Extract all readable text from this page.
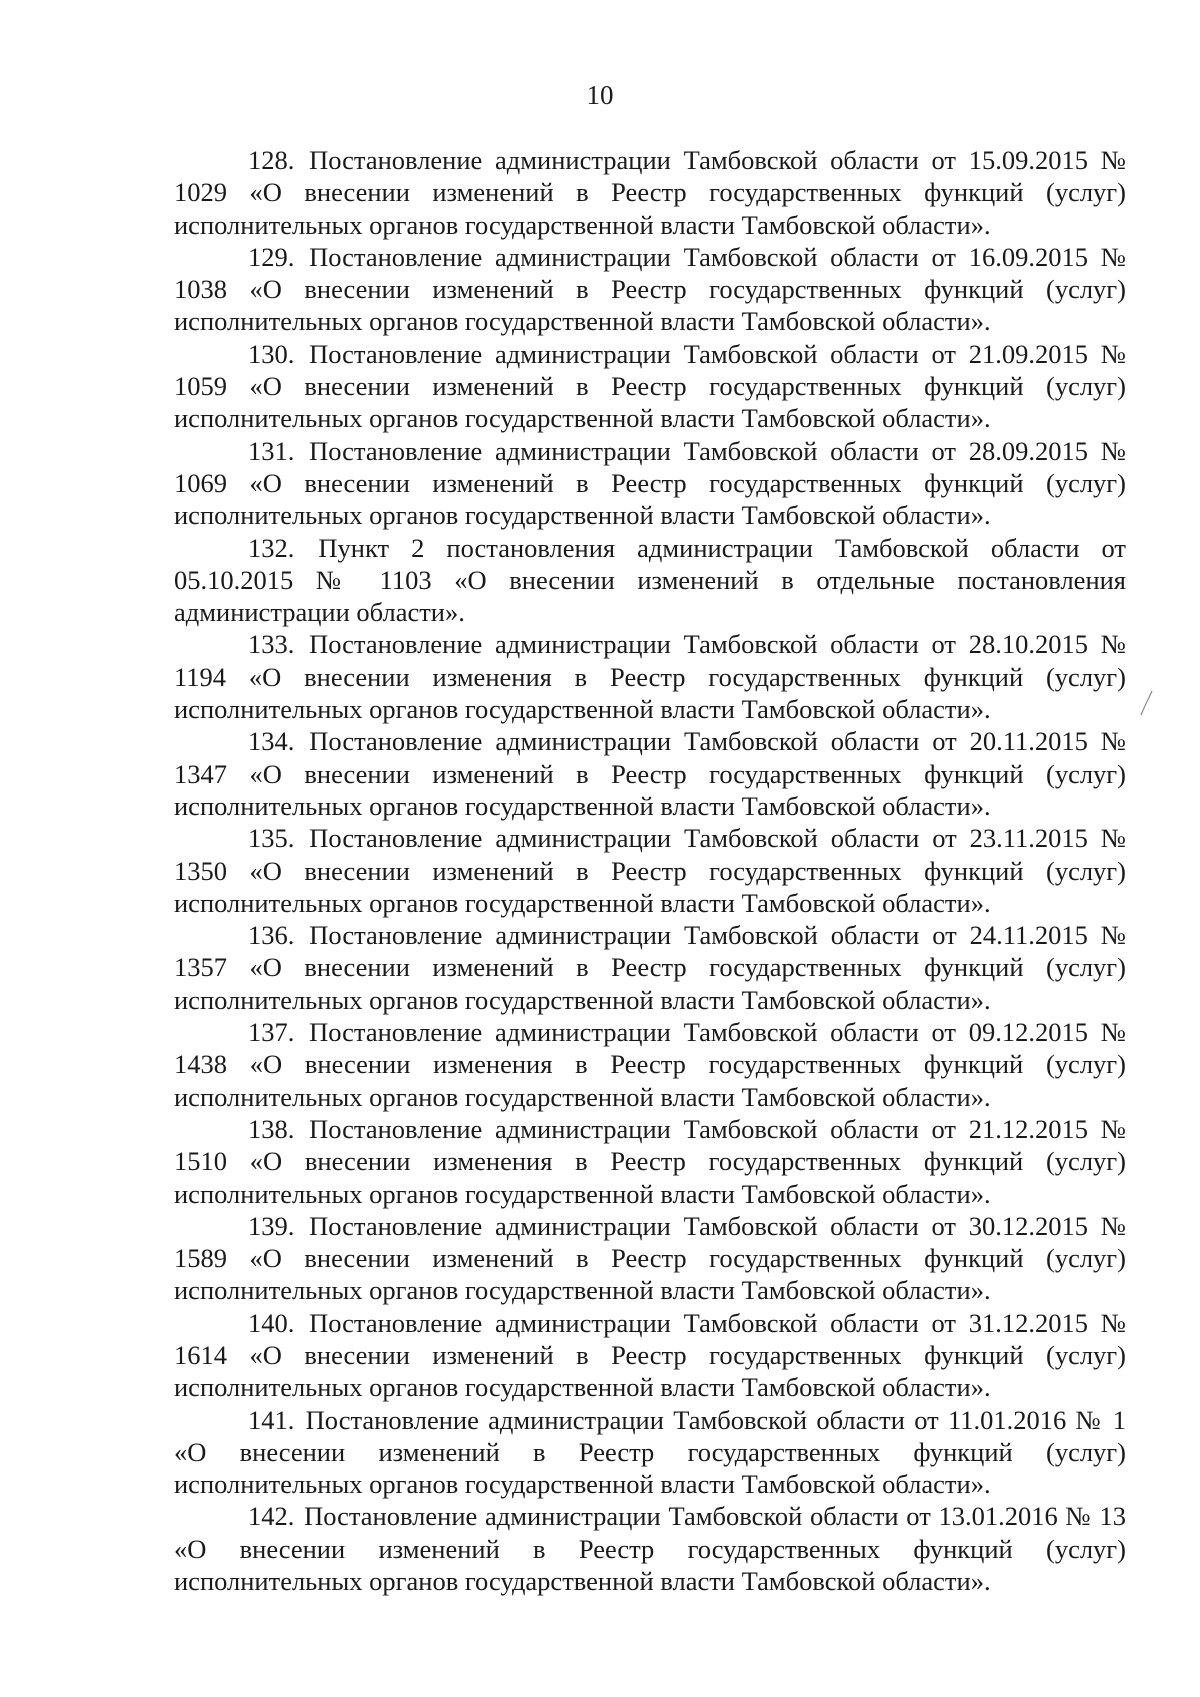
10

128. Постановление администрации Тамбовской области от 15.09.2015 № 1029 «О внесении изменений в Реестр государственных функций (услуг) исполнительных органов государственной власти Тамбовской области».

129. Постановление администрации Тамбовской области от 16.09.2015 № 1038 «О внесении изменений в Реестр государственных функций (услуг) исполнительных органов государственной власти Тамбовской области».

130. Постановление администрации Тамбовской области от 21.09.2015 № 1059 «О внесении изменений в Реестр государственных функций (услуг) исполнительных органов государственной власти Тамбовской области».

131. Постановление администрации Тамбовской области от 28.09.2015 № 1069 «О внесении изменений в Реестр государственных функций (услуг) исполнительных органов государственной власти Тамбовской области».

132. Пункт 2 постановления администрации Тамбовской области от 05.10.2015 № 1103 «О внесении изменений в отдельные постановления администрации области».

133. Постановление администрации Тамбовской области от 28.10.2015 № 1194 «О внесении изменения в Реестр государственных функций (услуг) исполнительных органов государственной власти Тамбовской области».

134. Постановление администрации Тамбовской области от 20.11.2015 № 1347 «О внесении изменений в Реестр государственных функций (услуг) исполнительных органов государственной власти Тамбовской области».

135. Постановление администрации Тамбовской области от 23.11.2015 № 1350 «О внесении изменений в Реестр государственных функций (услуг) исполнительных органов государственной власти Тамбовской области».

136. Постановление администрации Тамбовской области от 24.11.2015 № 1357 «О внесении изменений в Реестр государственных функций (услуг) исполнительных органов государственной власти Тамбовской области».

137. Постановление администрации Тамбовской области от 09.12.2015 № 1438 «О внесении изменения в Реестр государственных функций (услуг) исполнительных органов государственной власти Тамбовской области».

138. Постановление администрации Тамбовской области от 21.12.2015 № 1510 «О внесении изменения в Реестр государственных функций (услуг) исполнительных органов государственной власти Тамбовской области».

139. Постановление администрации Тамбовской области от 30.12.2015 № 1589 «О внесении изменений в Реестр государственных функций (услуг) исполнительных органов государственной власти Тамбовской области».

140. Постановление администрации Тамбовской области от 31.12.2015 № 1614 «О внесении изменений в Реестр государственных функций (услуг) исполнительных органов государственной власти Тамбовской области».

141. Постановление администрации Тамбовской области от 11.01.2016 № 1 «О внесении изменений в Реестр государственных функций (услуг) исполнительных органов государственной власти Тамбовской области».

142. Постановление администрации Тамбовской области от 13.01.2016 № 13 «О внесении изменений в Реестр государственных функций (услуг) исполнительных органов государственной власти Тамбовской области».
